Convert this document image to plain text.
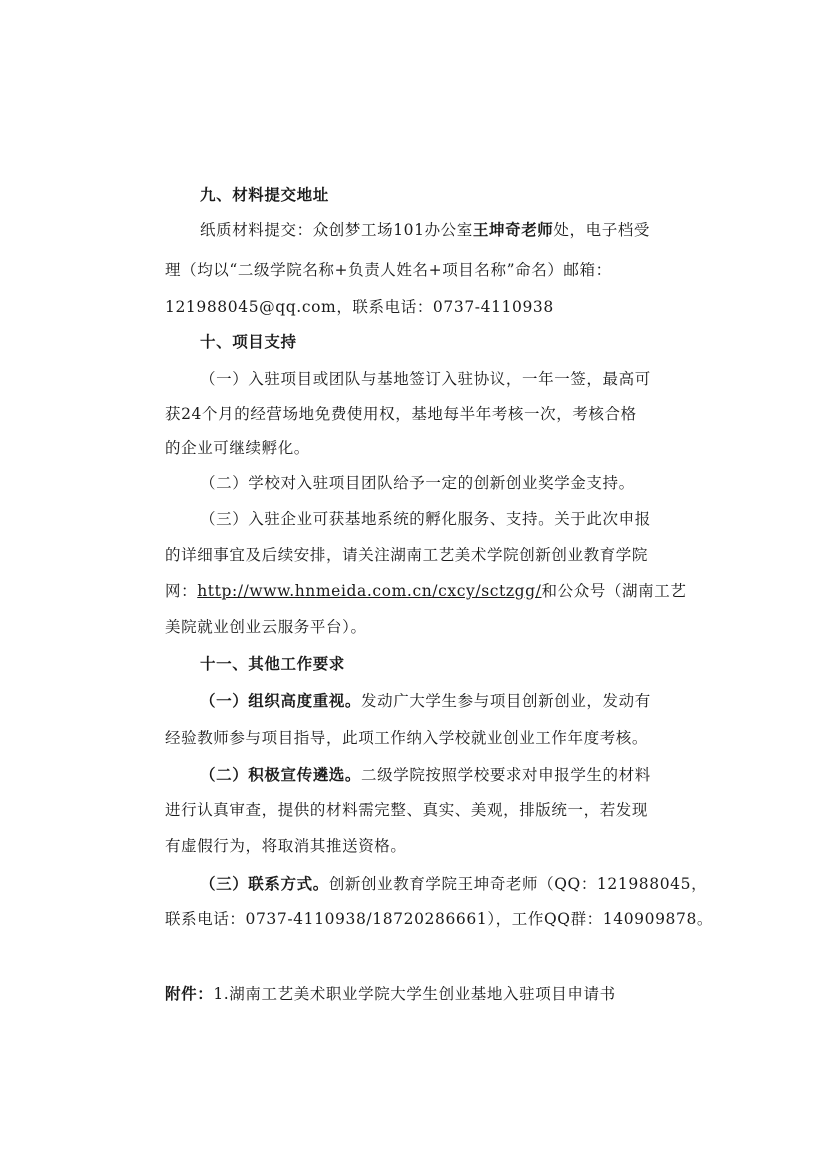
九、材料提交地址
纸质材料提交：众创梦工场101办公室王坤奇老师处，电子档受
理（均以“二级学院名称+负责人姓名+项目名称”命名）邮箱：
121988045@qq.com，联系电话：0737-4110938
十、项目支持
（一）入驻项目或团队与基地签订入驻协议，一年一签，最高可
获24个月的经营场地免费使用权，基地每半年考核一次，考核合格
的企业可继续孵化。
（二）学校对入驻项目团队给予一定的创新创业奖学金支持。
（三）入驻企业可获基地系统的孵化服务、支持。关于此次申报
的详细事宜及后续安排，请关注湖南工艺美术学院创新创业教育学院
网：http://www.hnmeida.com.cn/cxcy/sctzgg/和公众号（湖南工艺
美院就业创业云服务平台）。
十一、其他工作要求
（一）组织高度重视。发动广大学生参与项目创新创业，发动有
经验教师参与项目指导，此项工作纳入学校就业创业工作年度考核。
（二）积极宣传遴选。二级学院按照学校要求对申报学生的材料
进行认真审查，提供的材料需完整、真实、美观，排版统一，若发现
有虚假行为，将取消其推送资格。
（三）联系方式。创新创业教育学院王坤奇老师（QQ：121988045，
联系电话：0737-4110938/18720286661），工作QQ群：140909878。
附件：1.湖南工艺美术职业学院大学生创业基地入驻项目申请书
